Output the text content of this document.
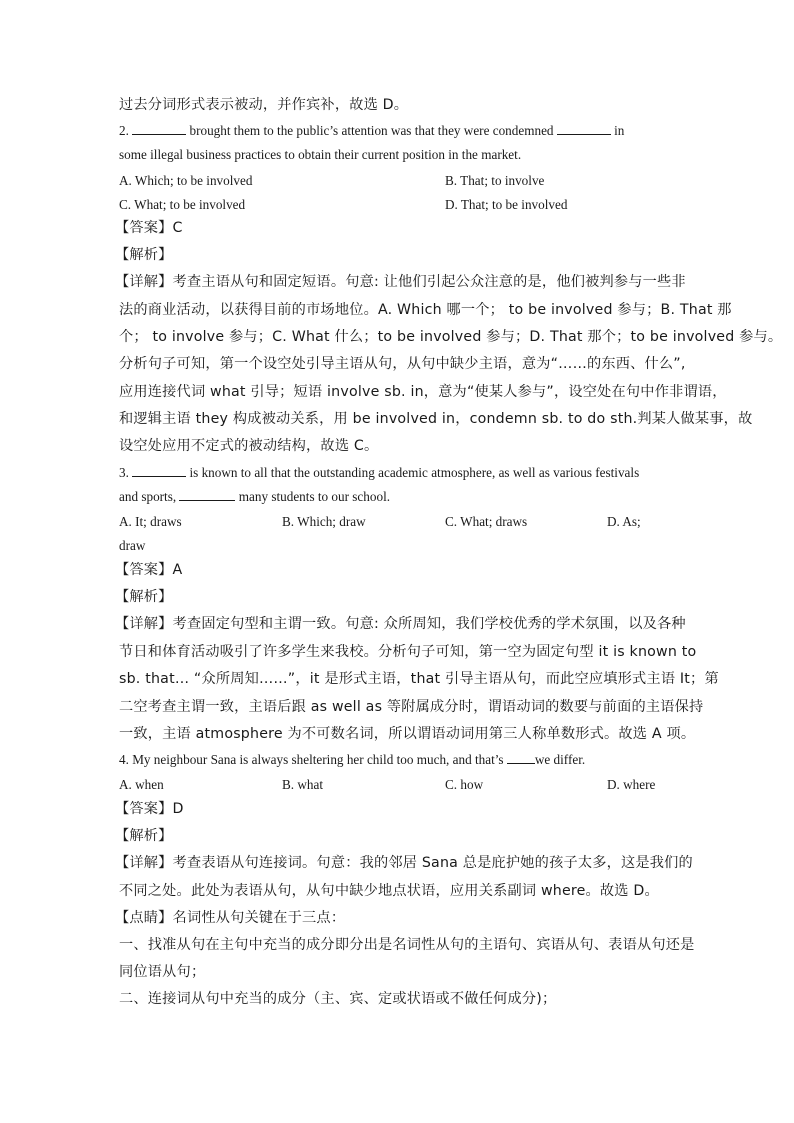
过去分词形式表示被动，并作宾补，故选 D。
2.	brought them to the public’s attention was that they were condemned	in
some illegal business practices to obtain their current position in the market.
A. Which; to be involved	B. That; to involve
C. What; to be involved	D. That; to be involved
【答案】C
【解析】
【详解】考查主语从句和固定短语。句意: 让他们引起公众注意的是，他们被判参与一些非
法的商业活动，以获得目前的市场地位。A. Which 哪一个； to be involved 参与；B. That 那
个； to involve 参与；C. What 什么；to be involved 参与；D. That 那个；to be involved 参与。
分析句子可知，第一个设空处引导主语从句，从句中缺少主语，意为“……的东西、什么”,
应用连接代词 what 引导；短语 involve sb. in，意为“使某人参与”，设空处在句中作非谓语，
和逻辑主语 they 构成被动关系，用 be involved in，condemn sb. to do sth.判某人做某事，故
设空处应用不定式的被动结构，故选 C。
3.	is known to all that the outstanding academic atmosphere, as well as various festivals
and sports,	many students to our school.
A. It; draws	B. Which; draw	C. What; draws	D. As;
draw
【答案】A
【解析】
【详解】考查固定句型和主谓一致。句意: 众所周知，我们学校优秀的学术氛围，以及各种
节日和体育活动吸引了许多学生来我校。分析句子可知，第一空为固定句型 it is known to
sb. that… “众所周知……”，it 是形式主语，that 引导主语从句，而此空应填形式主语 It；第
二空考查主谓一致，主语后跟 as well as 等附属成分时，谓语动词的数要与前面的主语保持
一致，主语 atmosphere 为不可数名词，所以谓语动词用第三人称单数形式。故选 A 项。
4. My neighbour Sana is always sheltering her child too much, and that’s we differ.
A. when	B. what	C. how	D. where
【答案】D
【解析】
【详解】考查表语从句连接词。句意：我的邻居 Sana 总是庇护她的孩子太多，这是我们的
不同之处。此处为表语从句，从句中缺少地点状语，应用关系副词 where。故选 D。
【点睛】名词性从句关键在于三点：
一、找准从句在主句中充当的成分即分出是名词性从句的主语句、宾语从句、表语从句还是
同位语从句；
二、连接词从句中充当的成分（主、宾、定或状语或不做任何成分)；
